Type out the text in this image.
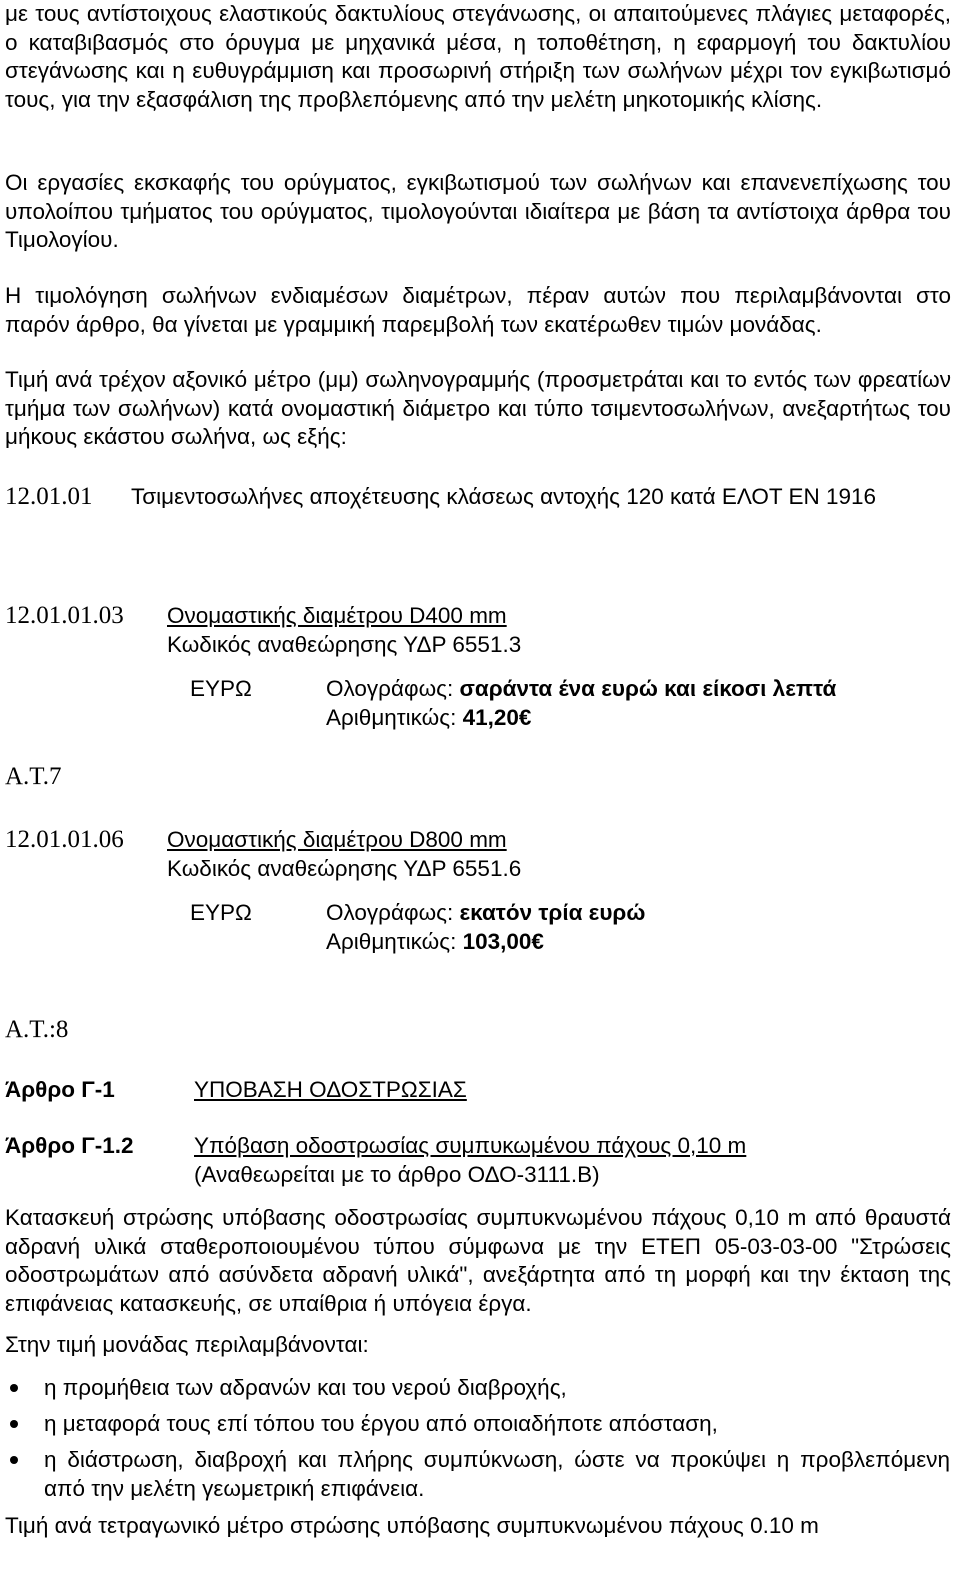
με τους αντίστοιχους ελαστικούς δακτυλίους στεγάνωσης, οι απαιτούμενες πλάγιες μεταφορές, ο καταβιβασμός στο όρυγμα με μηχανικά μέσα, η τοποθέτηση, η εφαρμογή του δακτυλίου στεγάνωσης και η ευθυγράμμιση και προσωρινή στήριξη των σωλήνων μέχρι τον εγκιβωτισμό τους, για την εξασφάλιση της προβλεπόμενης από την μελέτη μηκοτομικής κλίσης.
Οι εργασίες εκσκαφής του ορύγματος, εγκιβωτισμού των σωλήνων και επανενεπίχωσης του υπολοίπου τμήματος του ορύγματος, τιμολογούνται ιδιαίτερα με βάση τα αντίστοιχα άρθρα του Τιμολογίου.
Η τιμολόγηση σωλήνων ενδιαμέσων διαμέτρων, πέραν αυτών που περιλαμβάνονται στο παρόν άρθρο, θα γίνεται με γραμμική παρεμβολή των εκατέρωθεν τιμών μονάδας.
Τιμή ανά τρέχον αξονικό μέτρο (μμ) σωληνογραμμής (προσμετράται και το εντός των φρεατίων τμήμα των σωλήνων) κατά ονομαστική διάμετρο και τύπο τσιμεντοσωλήνων, ανεξαρτήτως του μήκους εκάστου σωλήνα, ως εξής:
12.01.01 Τσιμεντοσωλήνες αποχέτευσης κλάσεως αντοχής 120 κατά ΕΛΟΤ ΕΝ 1916
12.01.01.03 Ονομαστικής διαμέτρου D400 mm
Κωδικός αναθεώρησης ΥΔΡ 6551.3
ΕΥΡΩ	Ολογράφως: σαράντα ένα ευρώ και είκοσι λεπτά
Αριθμητικώς: 41,20€
Α.Τ.7
12.01.01.06 Ονομαστικής διαμέτρου D800 mm
Κωδικός αναθεώρησης ΥΔΡ 6551.6
ΕΥΡΩ	Ολογράφως: εκατόν τρία ευρώ
Αριθμητικώς: 103,00€
Α.Τ.:8
Άρθρο Γ-1	ΥΠΟΒΑΣΗ ΟΔΟΣΤΡΩΣΙΑΣ
Άρθρο Γ-1.2	Υπόβαση οδοστρωσίας συμπυκωμένου πάχους 0,10 m
(Αναθεωρείται με το άρθρο ΟΔΟ-3111.Β)
Κατασκευή στρώσης υπόβασης οδοστρωσίας συμπυκνωμένου πάχους 0,10 m από θραυστά αδρανή υλικά σταθεροποιουμένου τύπου σύμφωνα με την ΕΤΕΠ 05-03-03-00 "Στρώσεις οδοστρωμάτων από ασύνδετα αδρανή υλικά", ανεξάρτητα από τη μορφή και την έκταση της επιφάνειας κατασκευής, σε υπαίθρια ή υπόγεια έργα.
Στην τιμή μονάδας περιλαμβάνονται:
η προμήθεια των αδρανών και του νερού διαβροχής,
η μεταφορά τους επί τόπου του έργου από οποιαδήποτε απόσταση,
η διάστρωση, διαβροχή και πλήρης συμπύκνωση, ώστε να προκύψει η προβλεπόμενη από την μελέτη γεωμετρική επιφάνεια.
Τιμή ανά τετραγωνικό μέτρο στρώσης υπόβασης συμπυκνωμένου πάχους 0.10 m
